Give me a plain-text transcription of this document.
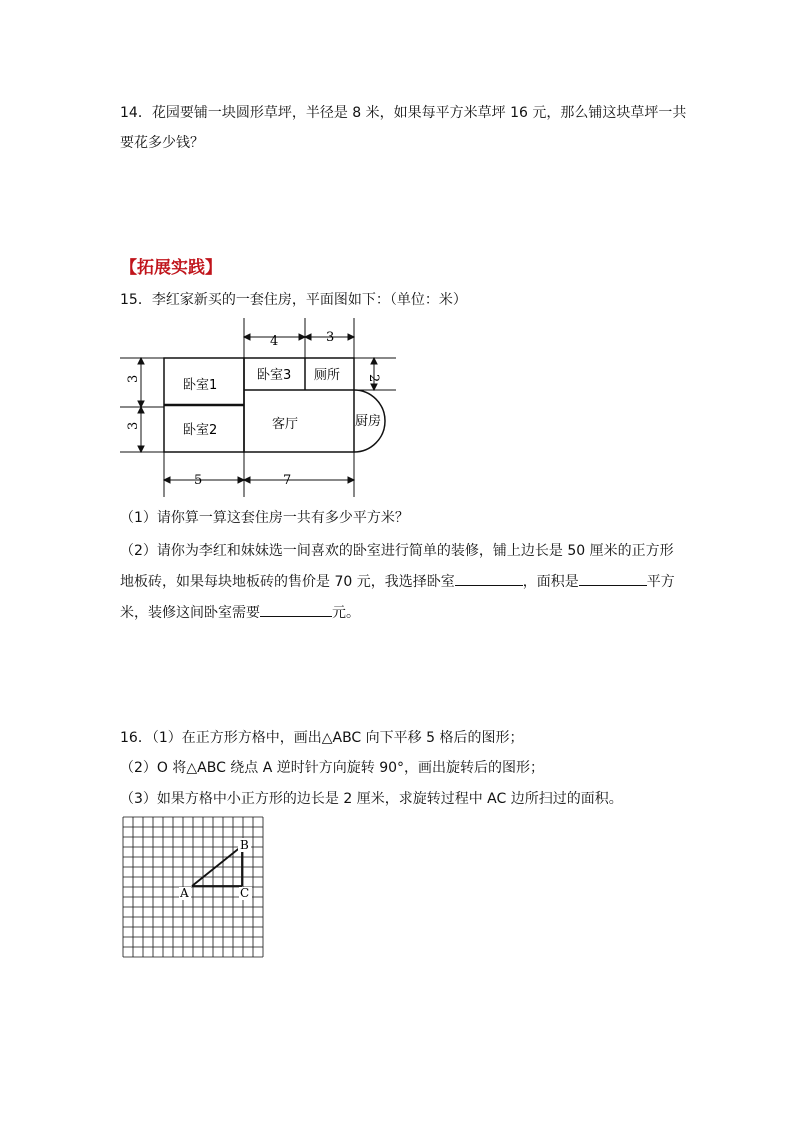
14．花园要铺一块圆形草坪，半径是 8 米，如果每平方米草坪 16 元，那么铺这块草坪一共
要花多少钱？
【拓展实践】
15．李红家新买的一套住房，平面图如下：（单位：米）
4	3
3
3
2
5	7
卧室1
卧室2
卧室3 厕所
客厅	厨房
（1）请你算一算这套住房一共有多少平方米？
（2）请你为李红和妹妹选一间喜欢的卧室进行简单的装修，铺上边长是 50 厘米的正方形
地板砖，如果每块地板砖的售价是 70 元，我选择卧室	，面积是	平方
米，装修这间卧室需要	元。
16．（1）在正方形方格中，画出△ABC 向下平移 5 格后的图形；
（2）O 将△ABC 绕点 A 逆时针方向旋转 90°，画出旋转后的图形；
（3）如果方格中小正方形的边长是 2 厘米，求旋转过程中 AC 边所扫过的面积。
A
B
C
